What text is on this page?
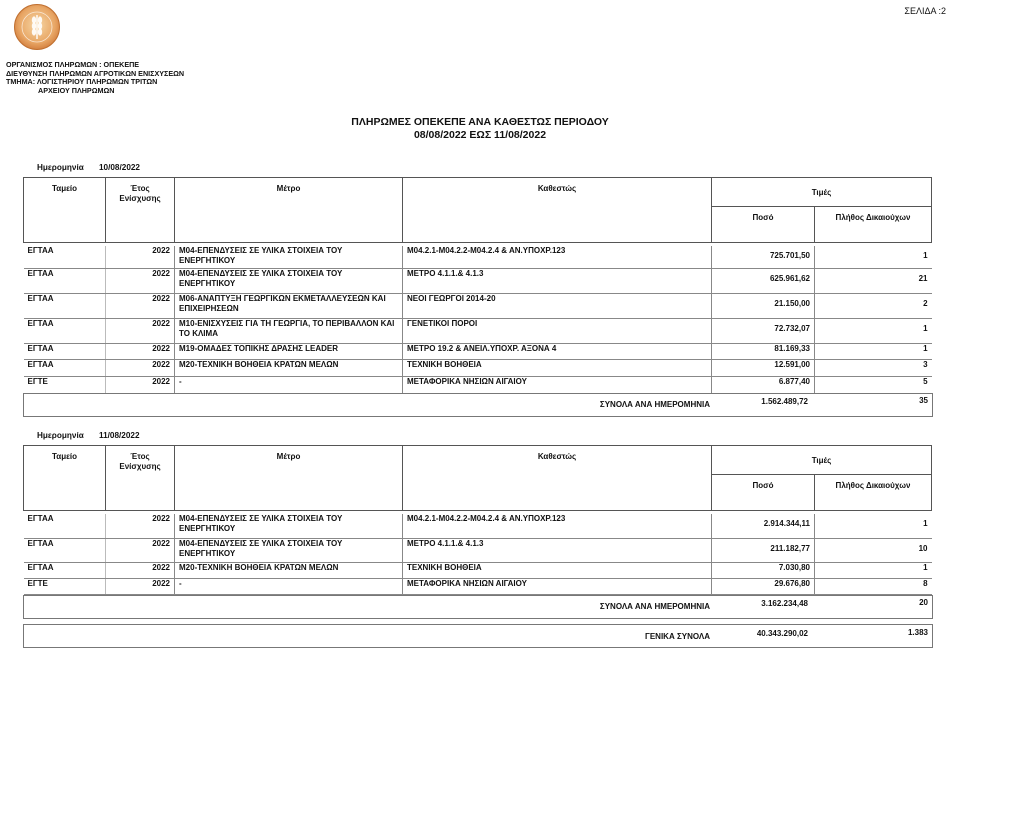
ΣΕΛΙΔΑ :2
ΟΡΓΑΝΙΣΜΟΣ ΠΛΗΡΩΜΩΝ : ΟΠΕΚΕΠΕ
ΔΙΕΥΘΥΝΣΗ ΠΛΗΡΩΜΩΝ ΑΓΡΟΤΙΚΩΝ ΕΝΙΣΧΥΣΕΩΝ
ΤΜΗΜΑ: ΛΟΓΙΣΤΗΡΙΟΥ ΠΛΗΡΩΜΩΝ ΤΡΙΤΩΝ
ΑΡΧΕΙΟΥ ΠΛΗΡΩΜΩΝ
ΠΛΗΡΩΜΕΣ ΟΠΕΚΕΠΕ ΑΝΑ ΚΑΘΕΣΤΩΣ ΠΕΡΙΟΔΟΥ
08/08/2022 ΕΩΣ 11/08/2022
Ημερομηνία 10/08/2022
Ταμείο	Έτος Ενίσχυσης	Μέτρο	Καθεστώς	Τιμές	
				Ποσό	Πλήθος Δικαιούχων

ΕΓΤΑΑ	2022	Μ04-ΕΠΕΝΔΥΣΕΙΣ ΣΕ ΥΛΙΚΑ ΣΤΟΙΧΕΙΑ ΤΟΥ ΕΝΕΡΓΗΤΙΚΟΥ	Μ04.2.1-Μ04.2.2-Μ04.2.4 & ΑΝ.ΥΠΟΧΡ.123	725.701,50	1
ΕΓΤΑΑ	2022	Μ04-ΕΠΕΝΔΥΣΕΙΣ ΣΕ ΥΛΙΚΑ ΣΤΟΙΧΕΙΑ ΤΟΥ ΕΝΕΡΓΗΤΙΚΟΥ	ΜΕΤΡΟ 4.1.1.& 4.1.3	625.961,62	21
ΕΓΤΑΑ	2022	Μ06-ΑΝΑΠΤΥΞΗ ΓΕΩΡΓΙΚΩΝ ΕΚΜΕΤΑΛΛΕΥΣΕΩΝ ΚΑΙ ΕΠΙΧΕΙΡΗΣΕΩΝ	ΝΕΟΙ ΓΕΩΡΓΟΙ 2014-20	21.150,00	2
ΕΓΤΑΑ	2022	Μ10-ΕΝΙΣΧΥΣΕΙΣ ΓΙΑ ΤΗ ΓΕΩΡΓΙΑ, ΤΟ ΠΕΡΙΒΑΛΛΟΝ ΚΑΙ ΤΟ ΚΛΙΜΑ	ΓΕΝΕΤΙΚΟΙ ΠΟΡΟΙ	72.732,07	1
ΕΓΤΑΑ	2022	Μ19-ΟΜΑΔΕΣ ΤΟΠΙΚΗΣ ΔΡΑΣΗΣ LEADER	ΜΕΤΡΟ 19.2 & ΑΝΕΙΛ.ΥΠΟΧΡ. ΑΞΟΝΑ 4	81.169,33	1
ΕΓΤΑΑ	2022	Μ20-ΤΕΧΝΙΚΗ ΒΟΗΘΕΙΑ ΚΡΑΤΩΝ ΜΕΛΩΝ	ΤΕΧΝΙΚΗ ΒΟΗΘΕΙΑ	12.591,00	3
ΕΓΤΕ	2022	-	ΜΕΤΑΦΟΡΙΚΑ ΝΗΣΙΩΝ ΑΙΓΑΙΟΥ	6.877,40	5
ΣΥΝΟΛΑ ΑΝΑ ΗΜΕΡΟΜΗΝΙΑ	1.562.489,72	35
Ημερομηνία 11/08/2022
Ταμείο	Έτος Ενίσχυσης	Μέτρο	Καθεστώς	Τιμές	
				Ποσό	Πλήθος Δικαιούχων

ΕΓΤΑΑ	2022	Μ04-ΕΠΕΝΔΥΣΕΙΣ ΣΕ ΥΛΙΚΑ ΣΤΟΙΧΕΙΑ ΤΟΥ ΕΝΕΡΓΗΤΙΚΟΥ	Μ04.2.1-Μ04.2.2-Μ04.2.4 & ΑΝ.ΥΠΟΧΡ.123	2.914.344,11	1
ΕΓΤΑΑ	2022	Μ04-ΕΠΕΝΔΥΣΕΙΣ ΣΕ ΥΛΙΚΑ ΣΤΟΙΧΕΙΑ ΤΟΥ ΕΝΕΡΓΗΤΙΚΟΥ	ΜΕΤΡΟ 4.1.1.& 4.1.3	211.182,77	10
ΕΓΤΑΑ	2022	Μ20-ΤΕΧΝΙΚΗ ΒΟΗΘΕΙΑ ΚΡΑΤΩΝ ΜΕΛΩΝ	ΤΕΧΝΙΚΗ ΒΟΗΘΕΙΑ	7.030,80	1
ΕΓΤΕ	2022	-	ΜΕΤΑΦΟΡΙΚΑ ΝΗΣΙΩΝ ΑΙΓΑΙΟΥ	29.676,80	8
ΣΥΝΟΛΑ ΑΝΑ ΗΜΕΡΟΜΗΝΙΑ	3.162.234,48	20
ΓΕΝΙΚΑ ΣΥΝΟΛΑ	40.343.290,02	1.383
